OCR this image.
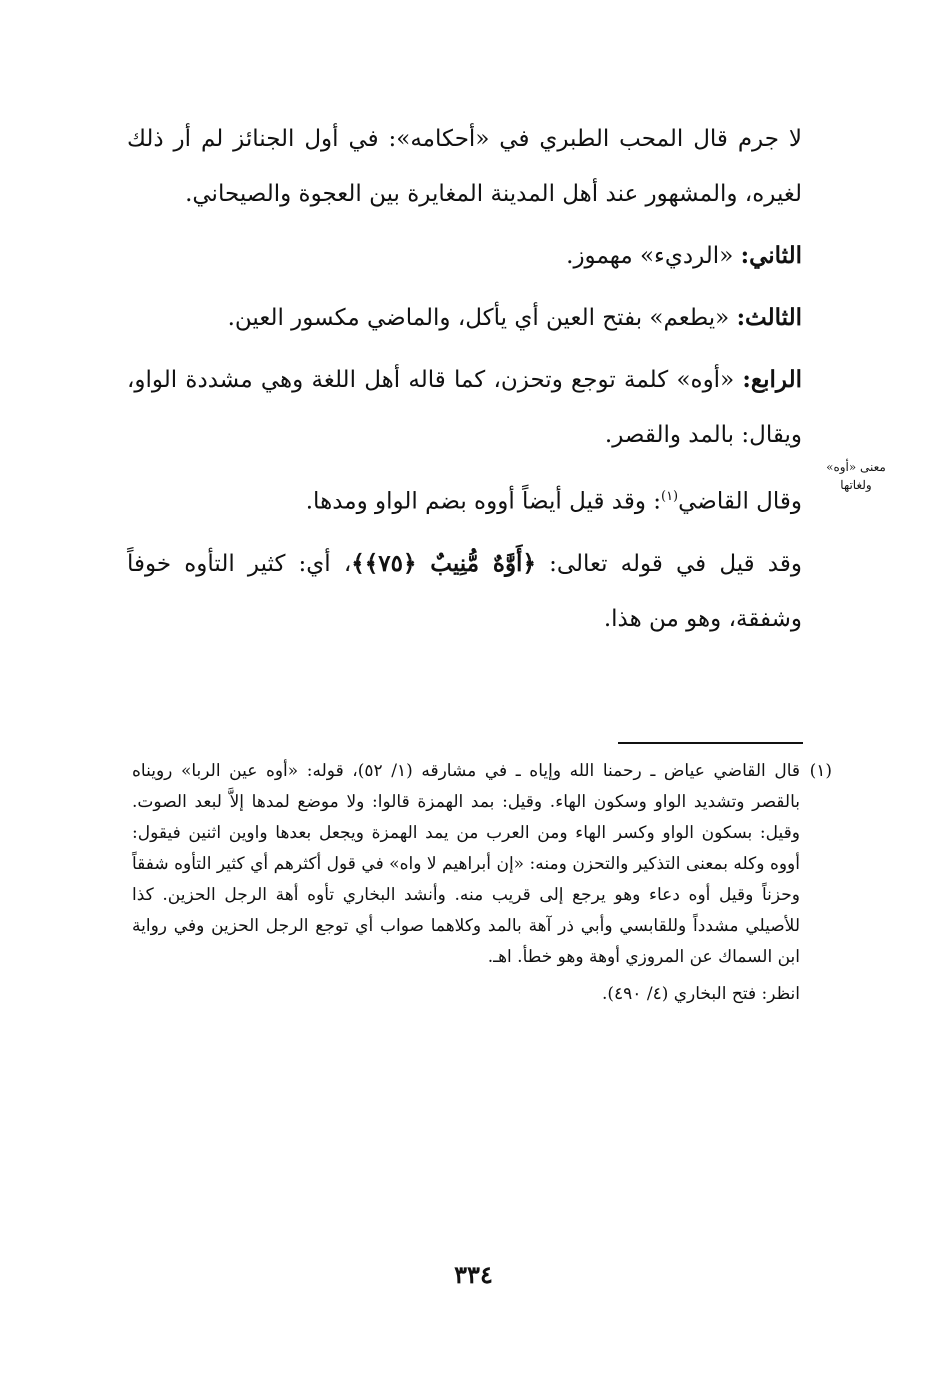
لا جرم قال المحب الطبري في «أحكامه»: في أول الجنائز لم أر ذلك لغيره، والمشهور عند أهل المدينة المغايرة بين العجوة والصيحاني.

الثاني: «الرديء» مهموز.

الثالث: «يطعم» بفتح العين أي يأكل، والماضي مكسور العين.

الرابع: «أوه» كلمة توجع وتحزن، كما قاله أهل اللغة وهي مشددة الواو، ويقال: بالمد والقصر.

وقال القاضي$^{(١)}$: وقد قيل أيضاً أووه بضم الواو ومدها.

وقد قيل في قوله تعالى: ﴿أَوَّٰهٌ مُّنِيبٌ ﴿٧٥﴾﴾، أي: كثير التأوه خوفاً وشفقة، وهو من هذا.

معنى «أوه» ولغاتها
(١)
قال القاضي عياض ـ رحمنا الله وإياه ـ في مشارقه (١/ ٥٢)، قوله: «أوه عين الربا» رويناه بالقصر وتشديد الواو وسكون الهاء. وقيل: بمد الهمزة قالوا: ولا موضع لمدها إلاَّ لبعد الصوت. وقيل: بسكون الواو وكسر الهاء ومن العرب من يمد الهمزة ويجعل بعدها واوين اثنين فيقول: أووه وكله بمعنى التذكير والتحزن ومنه: «إن أبراهيم لا واه» في قول أكثرهم أي كثير التأوه شفقاً وحزناً وقيل أوه دعاء وهو يرجع إلى قريب منه. وأنشد البخاري تأوه أهة الرجل الحزين. كذا للأصيلي مشدداً وللقابسي وأبي ذر آهة بالمد وكلاهما صواب أي توجع الرجل الحزين وفي رواية ابن السماك عن المروزي أوهة وهو خطأ. اهـ.
انظر: فتح البخاري (٤/ ٤٩٠).
٣٣٤
